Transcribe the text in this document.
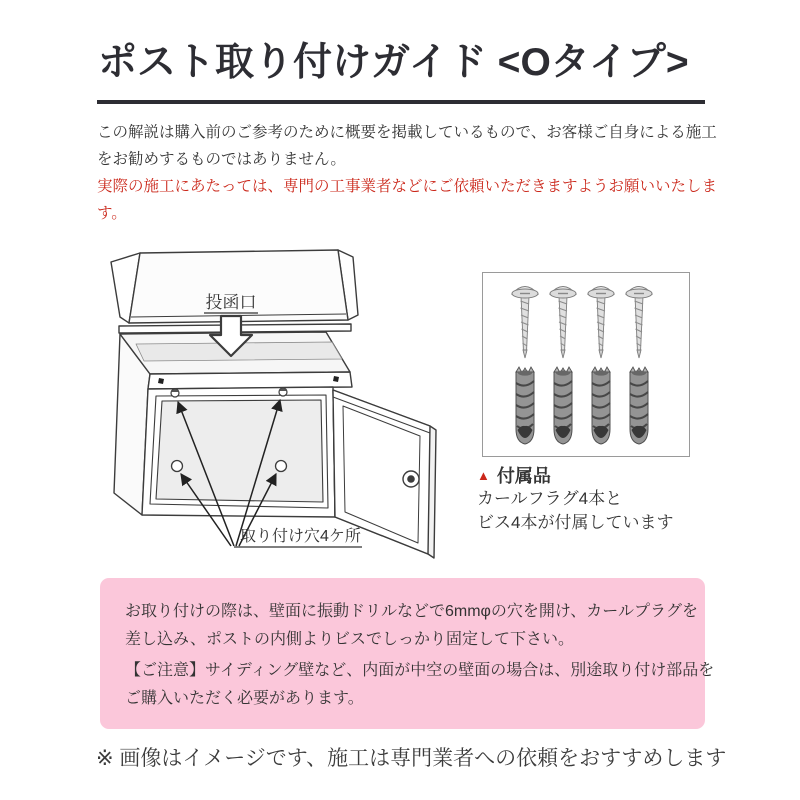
ポスト取り付けガイド <Oタイプ>
この解説は購入前のご参考のために概要を掲載しているもので、お客様ご自身による施工
をお勧めするものではありません。
実際の施工にあたっては、専門の工事業者などにご依頼いただきますようお願いいたしま
す。
投函口
取り付け穴4ケ所
▲ 付属品
カールフラグ4本と
ビス4本が付属しています
お取り付けの際は、壁面に振動ドリルなどで6mmφの穴を開け、カールプラグを
差し込み、ポストの内側よりビスでしっかり固定して下さい。
【ご注意】サイディング壁など、内面が中空の壁面の場合は、別途取り付け部品を
ご購入いただく必要があります。
※ 画像はイメージです、施工は専門業者への依頼をおすすめします
